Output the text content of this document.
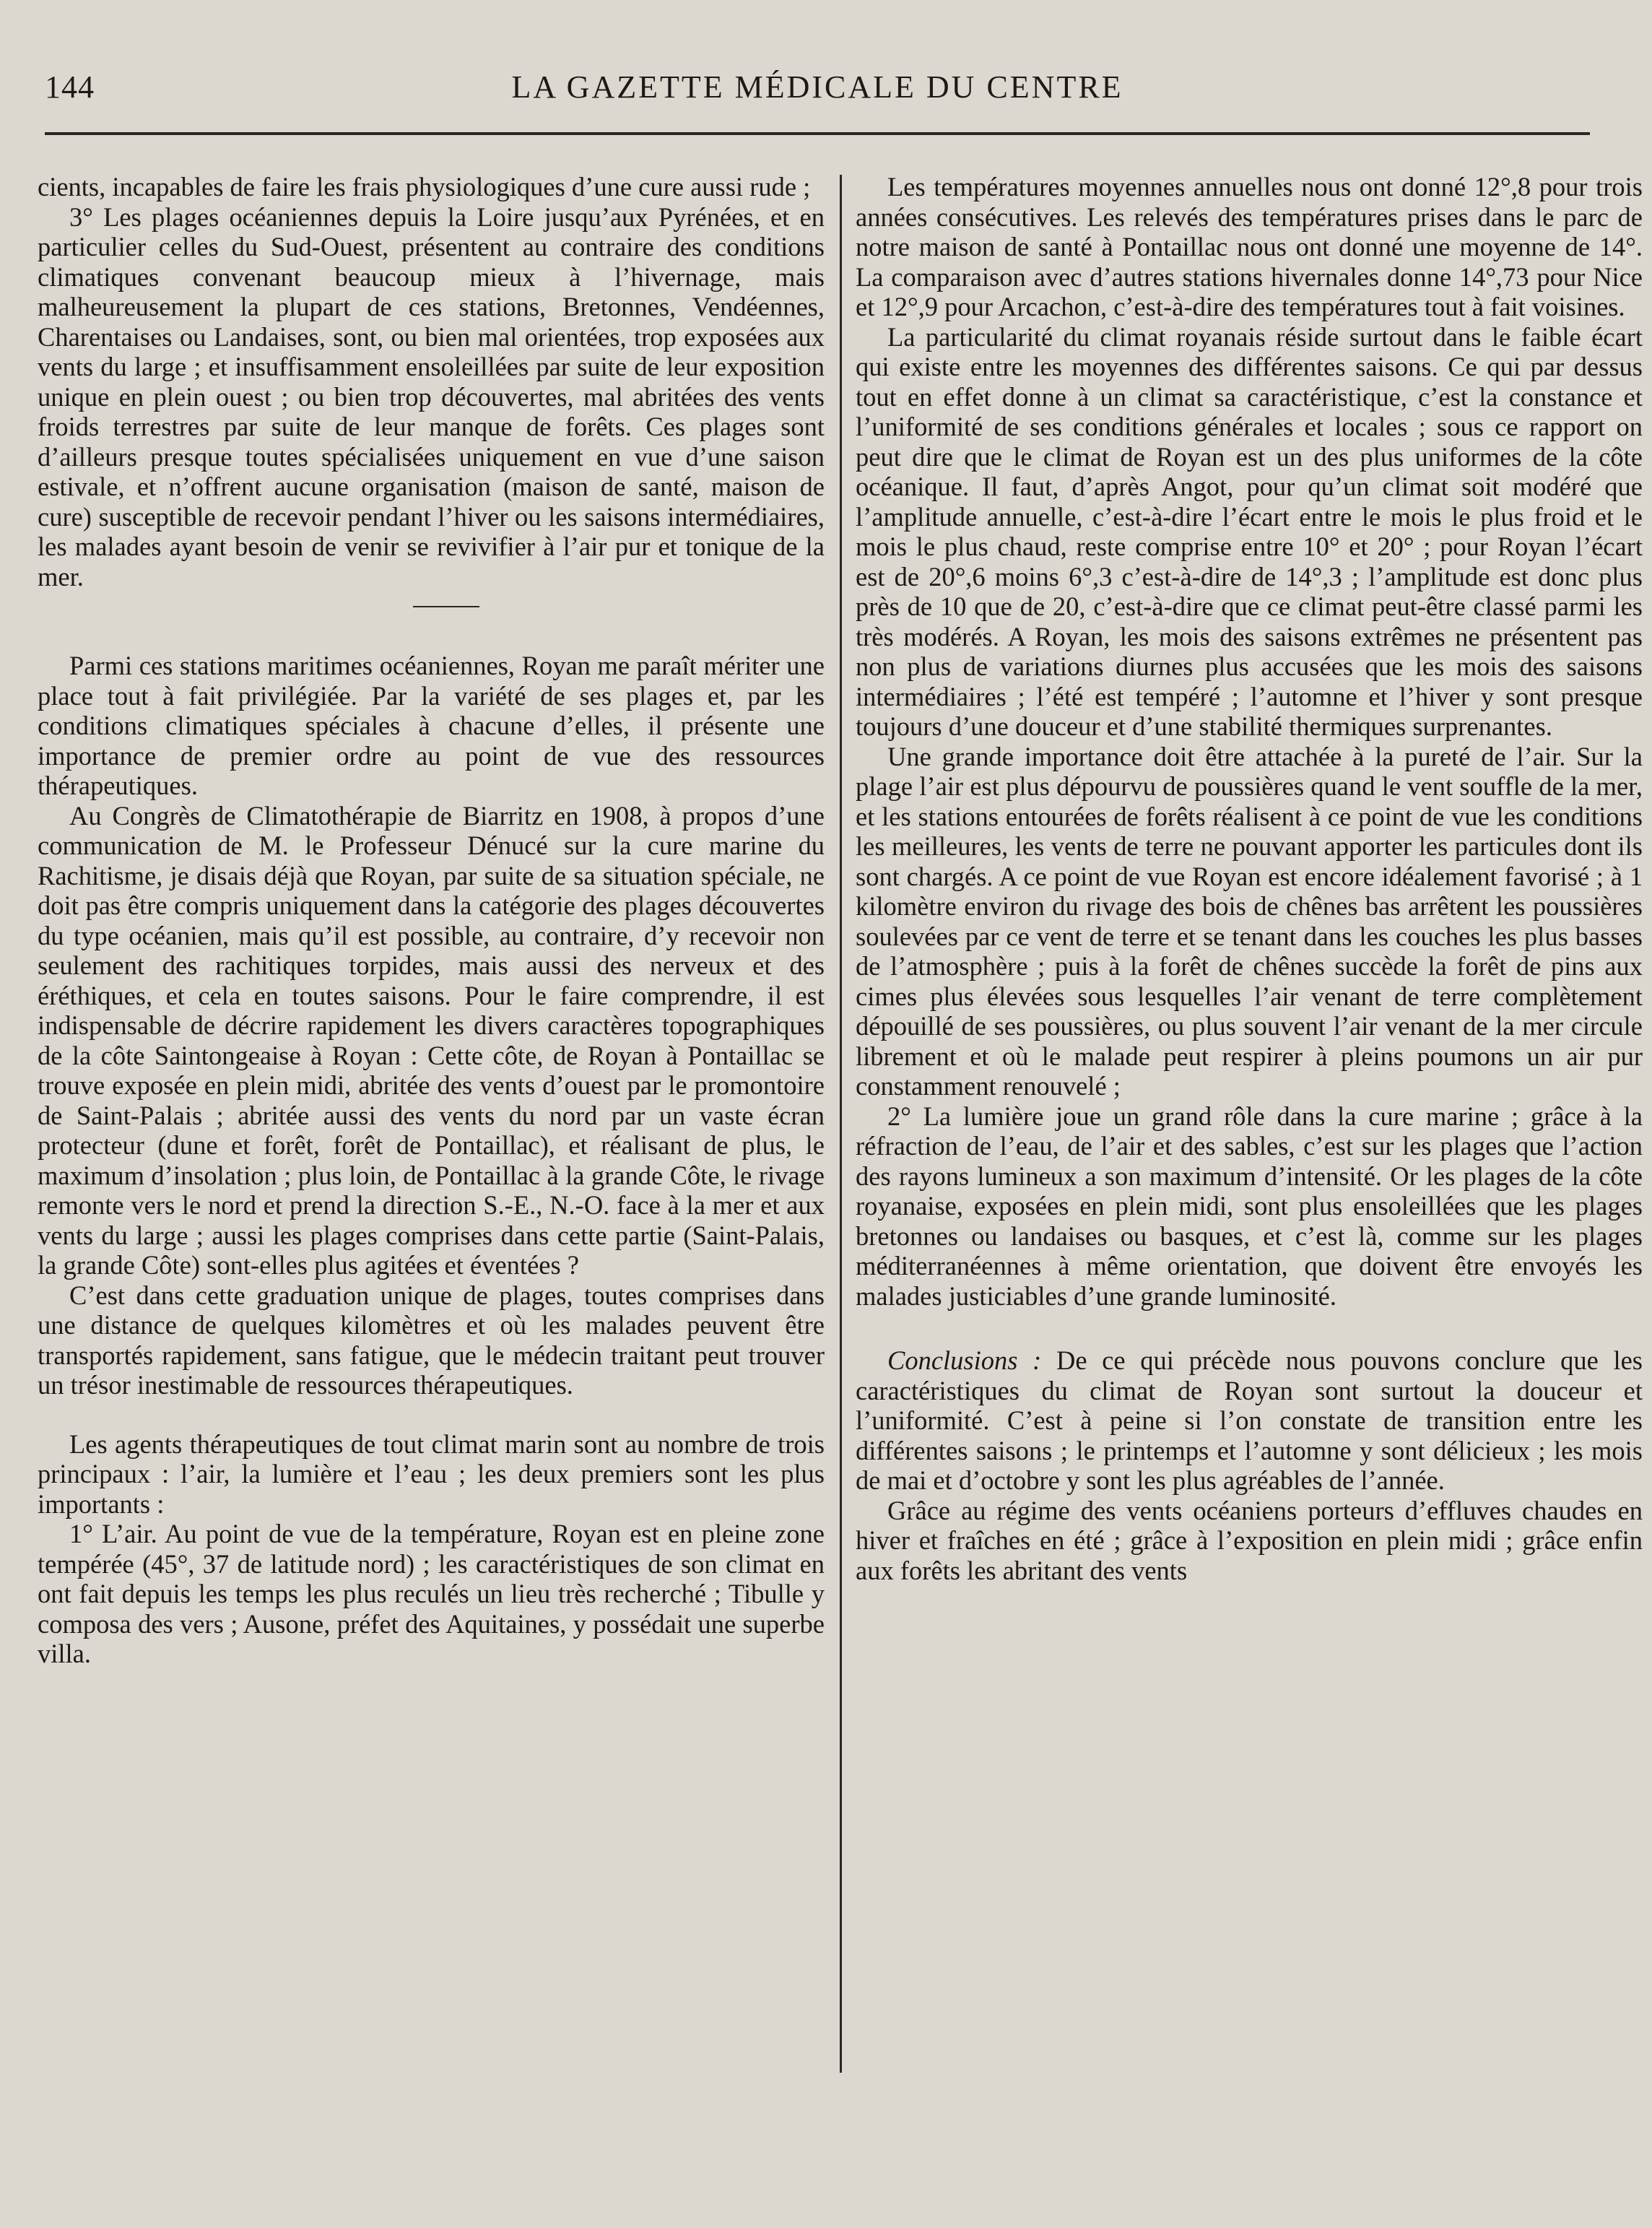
144	LA GAZETTE MÉDICALE DU CENTRE

cients, incapables de faire les frais physiologiques d’une cure aussi rude ;

3° Les plages océaniennes depuis la Loire jusqu’aux Pyrénées, et en particulier celles du Sud-Ouest, présentent au contraire des conditions climatiques convenant beaucoup mieux à l’hivernage, mais malheureusement la plupart de ces stations, Bretonnes, Vendéennes, Charentaises ou Landaises, sont, ou bien mal orientées, trop exposées aux vents du large ; et insuffisamment ensoleillées par suite de leur exposition unique en plein ouest ; ou bien trop découvertes, mal abritées des vents froids terrestres par suite de leur manque de forêts. Ces plages sont d’ailleurs presque toutes spécialisées uniquement en vue d’une saison estivale, et n’offrent aucune organisation (maison de santé, maison de cure) susceptible de recevoir pendant l’hiver ou les saisons intermédiaires, les malades ayant besoin de venir se revivifier à l’air pur et tonique de la mer.

Parmi ces stations maritimes océaniennes, Royan me paraît mériter une place tout à fait privilégiée. Par la variété de ses plages et, par les conditions climatiques spéciales à chacune d’elles, il présente une importance de premier ordre au point de vue des ressources thérapeutiques.

Au Congrès de Climatothérapie de Biarritz en 1908, à propos d’une communication de M. le Professeur Dénucé sur la cure marine du Rachitisme, je disais déjà que Royan, par suite de sa situation spéciale, ne doit pas être compris uniquement dans la catégorie des plages découvertes du type océanien, mais qu’il est possible, au contraire, d’y recevoir non seulement des rachitiques torpides, mais aussi des nerveux et des éréthiques, et cela en toutes saisons. Pour le faire comprendre, il est indispensable de décrire rapidement les divers caractères topographiques de la côte Saintongeaise à Royan : Cette côte, de Royan à Pontaillac se trouve exposée en plein midi, abritée des vents d’ouest par le promontoire de Saint-Palais ; abritée aussi des vents du nord par un vaste écran protecteur (dune et forêt, forêt de Pontaillac), et réalisant de plus, le maximum d’insolation ; plus loin, de Pontaillac à la grande Côte, le rivage remonte vers le nord et prend la direction S.-E., N.-O. face à la mer et aux vents du large ; aussi les plages comprises dans cette partie (Saint-Palais, la grande Côte) sont-elles plus agitées et éventées ?

C’est dans cette graduation unique de plages, toutes comprises dans une distance de quelques kilomètres et où les malades peuvent être transportés rapidement, sans fatigue, que le médecin traitant peut trouver un trésor inestimable de ressources thérapeutiques.

Les agents thérapeutiques de tout climat marin sont au nombre de trois principaux : l’air, la lumière et l’eau ; les deux premiers sont les plus importants :

1° L’air. Au point de vue de la température, Royan est en pleine zone tempérée (45°, 37 de latitude nord) ; les caractéristiques de son climat en ont fait depuis les temps les plus reculés un lieu très recherché ; Tibulle y composa des vers ; Ausone, préfet des Aquitaines, y possédait une superbe villa.

Les températures moyennes annuelles nous ont donné 12°,8 pour trois années consécutives. Les relevés des températures prises dans le parc de notre maison de santé à Pontaillac nous ont donné une moyenne de 14°. La comparaison avec d’autres stations hivernales donne 14°,73 pour Nice et 12°,9 pour Arcachon, c’est-à-dire des températures tout à fait voisines.

La particularité du climat royanais réside surtout dans le faible écart qui existe entre les moyennes des différentes saisons. Ce qui par dessus tout en effet donne à un climat sa caractéristique, c’est la constance et l’uniformité de ses conditions générales et locales ; sous ce rapport on peut dire que le climat de Royan est un des plus uniformes de la côte océanique. Il faut, d’après Angot, pour qu’un climat soit modéré que l’amplitude annuelle, c’est-à-dire l’écart entre le mois le plus froid et le mois le plus chaud, reste comprise entre 10° et 20° ; pour Royan l’écart est de 20°,6 moins 6°,3 c’est-à-dire de 14°,3 ; l’amplitude est donc plus près de 10 que de 20, c’est-à-dire que ce climat peut-être classé parmi les très modérés. A Royan, les mois des saisons extrêmes ne présentent pas non plus de variations diurnes plus accusées que les mois des saisons intermédiaires ; l’été est tempéré ; l’automne et l’hiver y sont presque toujours d’une douceur et d’une stabilité thermiques surprenantes.

Une grande importance doit être attachée à la pureté de l’air. Sur la plage l’air est plus dépourvu de poussières quand le vent souffle de la mer, et les stations entourées de forêts réalisent à ce point de vue les conditions les meilleures, les vents de terre ne pouvant apporter les particules dont ils sont chargés. A ce point de vue Royan est encore idéalement favorisé ; à 1 kilomètre environ du rivage des bois de chênes bas arrêtent les poussières soulevées par ce vent de terre et se tenant dans les couches les plus basses de l’atmosphère ; puis à la forêt de chênes succède la forêt de pins aux cimes plus élevées sous lesquelles l’air venant de terre complètement dépouillé de ses poussières, ou plus souvent l’air venant de la mer circule librement et où le malade peut respirer à pleins poumons un air pur constamment renouvelé ;

2° La lumière joue un grand rôle dans la cure marine ; grâce à la réfraction de l’eau, de l’air et des sables, c’est sur les plages que l’action des rayons lumineux a son maximum d’intensité. Or les plages de la côte royanaise, exposées en plein midi, sont plus ensoleillées que les plages bretonnes ou landaises ou basques, et c’est là, comme sur les plages méditerranéennes à même orientation, que doivent être envoyés les malades justiciables d’une grande luminosité.

Conclusions : De ce qui précède nous pouvons conclure que les caractéristiques du climat de Royan sont surtout la douceur et l’uniformité. C’est à peine si l’on constate de transition entre les différentes saisons ; le printemps et l’automne y sont délicieux ; les mois de mai et d’octobre y sont les plus agréables de l’année.

Grâce au régime des vents océaniens porteurs d’effluves chaudes en hiver et fraîches en été ; grâce à l’exposition en plein midi ; grâce enfin aux forêts les abritant des vents
